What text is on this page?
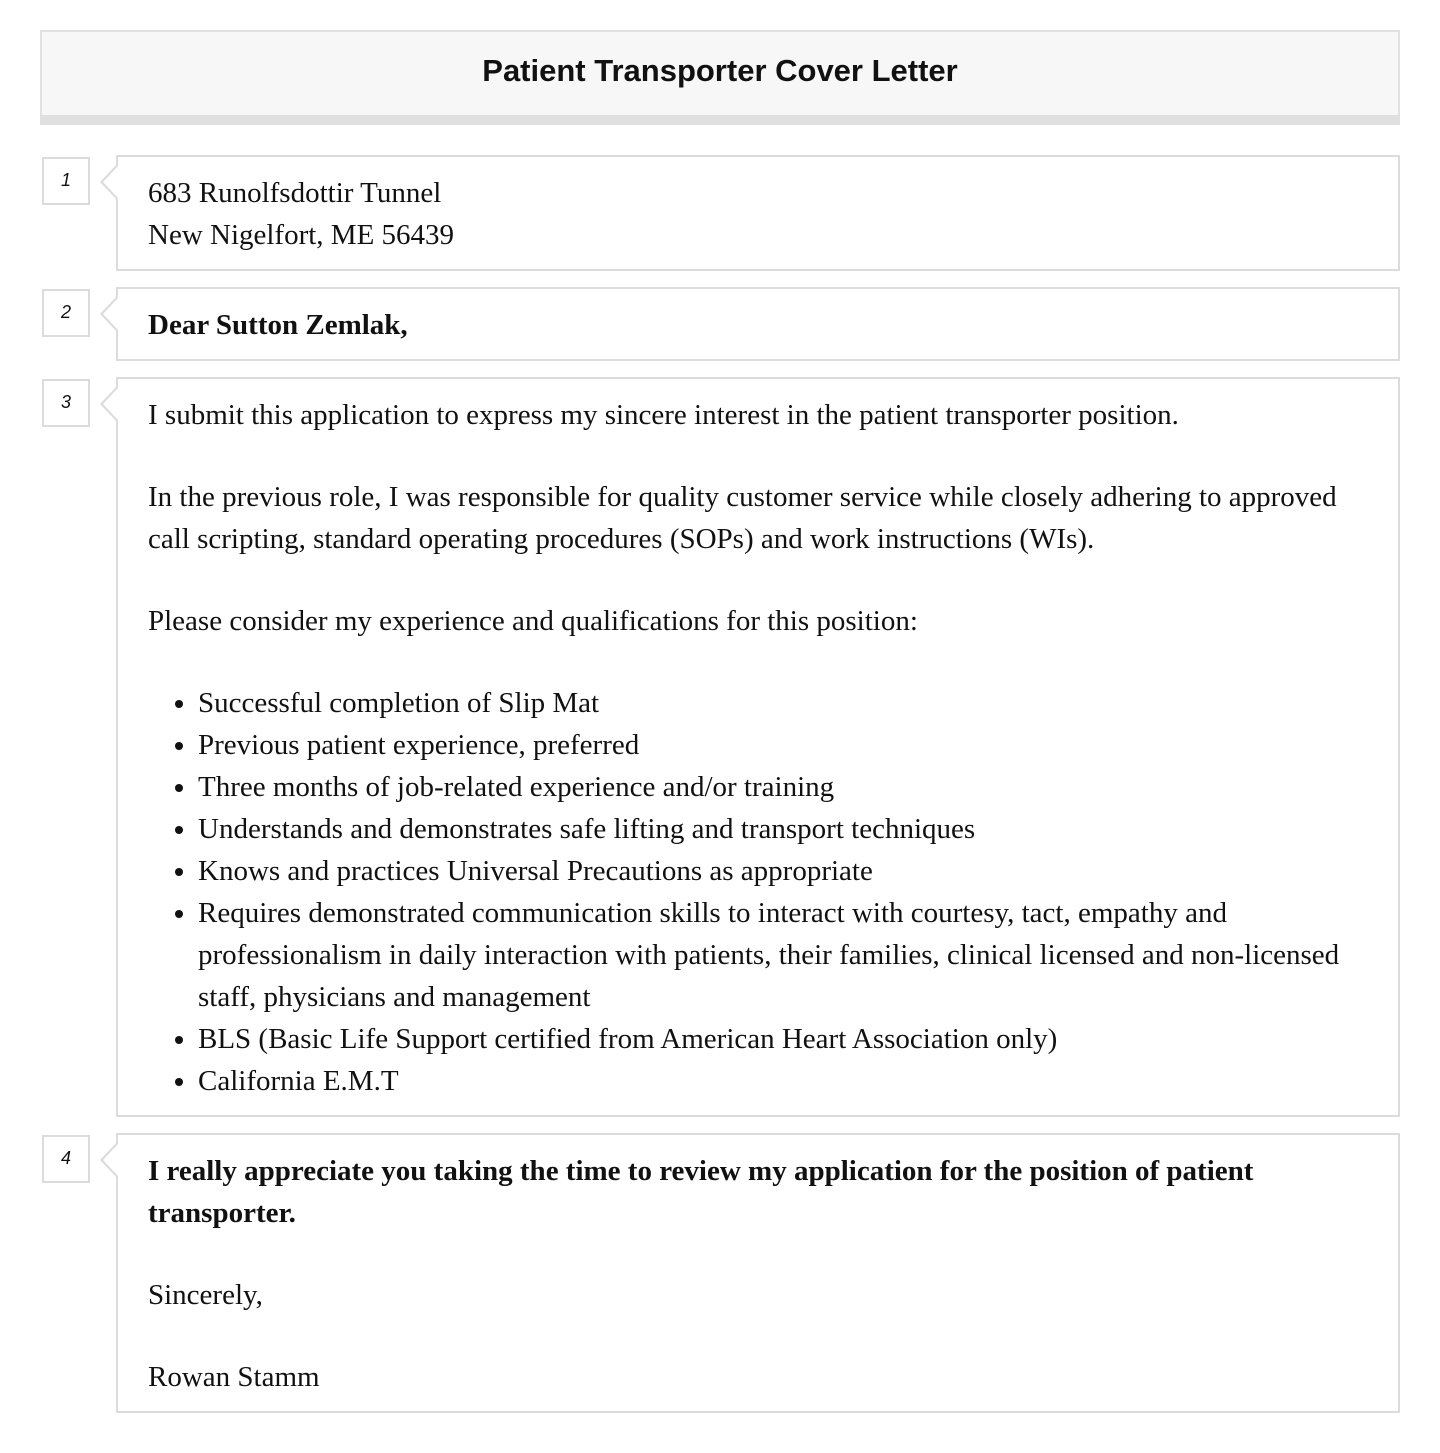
Patient Transporter Cover Letter
1	683 Runolfsdottir Tunnel
New Nigelfort, ME 56439
2	Dear Sutton Zemlak,
3	I submit this application to express my sincere interest in the patient transporter position.
In the previous role, I was responsible for quality customer service while closely adhering to approved call scripting, standard operating procedures (SOPs) and work instructions (WIs).
Please consider my experience and qualifications for this position:
• Successful completion of Slip Mat
• Previous patient experience, preferred
• Three months of job-related experience and/or training
• Understands and demonstrates safe lifting and transport techniques
• Knows and practices Universal Precautions as appropriate
• Requires demonstrated communication skills to interact with courtesy, tact, empathy and professionalism in daily interaction with patients, their families, clinical licensed and non-licensed staff, physicians and management
• BLS (Basic Life Support certified from American Heart Association only)
• California E.M.T
4	I really appreciate you taking the time to review my application for the position of patient transporter.
Sincerely,
Rowan Stamm
